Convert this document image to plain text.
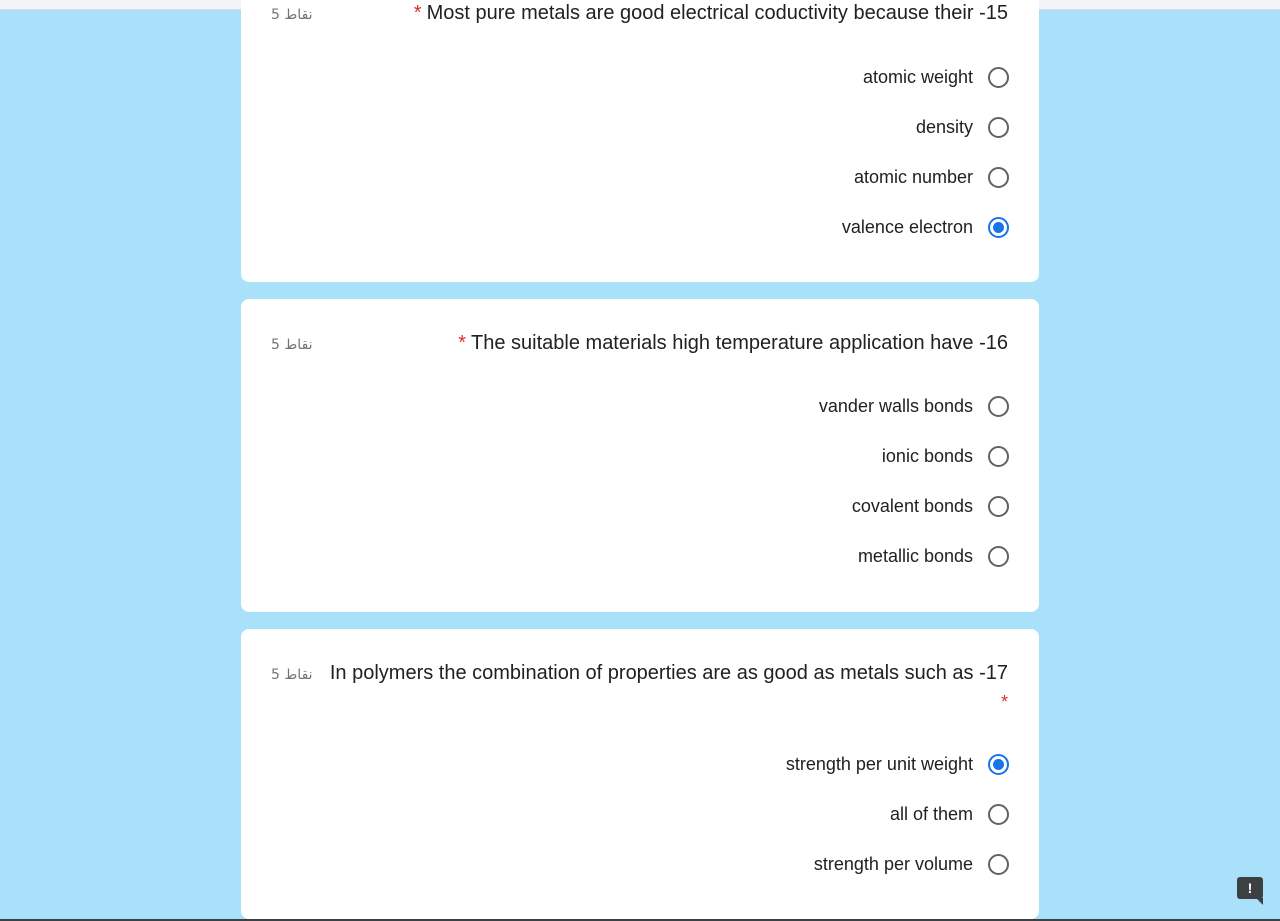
5 نقاط	* Most pure metals are good electrical coductivity because their -15
atomic weight
density
atomic number
valence electron
5 نقاط	* The suitable materials high temperature application have -16
vander walls bonds
ionic bonds
covalent bonds
metallic bonds
5 نقاط In polymers the combination of properties are as good as metals such as -17
*
strength per unit weight
all of them
strength per volume
!
